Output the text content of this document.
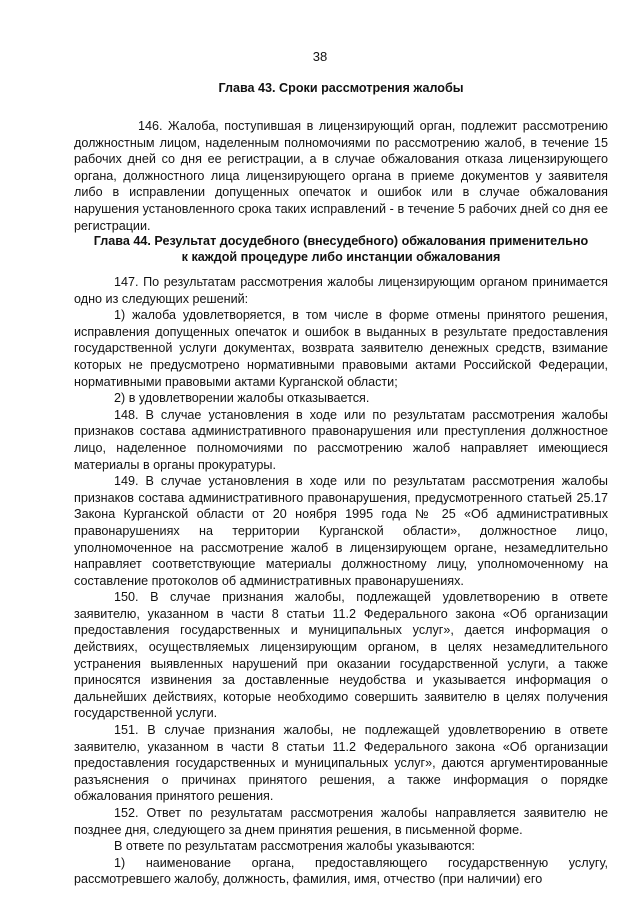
38
Глава 43. Сроки рассмотрения жалобы

146. Жалоба, поступившая в лицензирующий орган, подлежит рассмотрению должностным лицом, наделенным полномочиями по рассмотрению жалоб, в течение 15 рабочих дней со дня ее регистрации, а в случае обжалования отказа лицензирующего органа, должностного лица лицензирующего органа в приеме документов у заявителя либо в исправлении допущенных опечаток и ошибок или в случае обжалования нарушения установленного срока таких исправлений - в течение 5 рабочих дней со дня ее регистрации.

Глава 44. Результат досудебного (внесудебного) обжалования применительно
к каждой процедуре либо инстанции обжалования

147. По результатам рассмотрения жалобы лицензирующим органом принимается одно из следующих решений:

1) жалоба удовлетворяется, в том числе в форме отмены принятого решения, исправления допущенных опечаток и ошибок в выданных в результате предоставления государственной услуги документах, возврата заявителю денежных средств, взимание которых не предусмотрено нормативными правовыми актами Российской Федерации, нормативными правовыми актами Курганской области;

2) в удовлетворении жалобы отказывается.

148. В случае установления в ходе или по результатам рассмотрения жалобы признаков состава административного правонарушения или преступления должностное лицо, наделенное полномочиями по рассмотрению жалоб направляет имеющиеся материалы в органы прокуратуры.

149. В случае установления в ходе или по результатам рассмотрения жалобы признаков состава административного правонарушения, предусмотренного статьей 25.17 Закона Курганской области от 20 ноября 1995 года № 25 «Об административных правонарушениях на территории Курганской области», должностное лицо, уполномоченное на рассмотрение жалоб в лицензирующем органе, незамедлительно направляет соответствующие материалы должностному лицу, уполномоченному на составление протоколов об административных правонарушениях.

150. В случае признания жалобы, подлежащей удовлетворению в ответе заявителю, указанном в части 8 статьи 11.2 Федерального закона «Об организации предоставления государственных и муниципальных услуг», дается информация о действиях, осуществляемых лицензирующим органом, в целях незамедлительного устранения выявленных нарушений при оказании государственной услуги, а также приносятся извинения за доставленные неудобства и указывается информация о дальнейших действиях, которые необходимо совершить заявителю в целях получения государственной услуги.

151. В случае признания жалобы, не подлежащей удовлетворению в ответе заявителю, указанном в части 8 статьи 11.2 Федерального закона «Об организации предоставления государственных и муниципальных услуг», даются аргументированные разъяснения о причинах принятого решения, а также информация о порядке обжалования принятого решения.

152. Ответ по результатам рассмотрения жалобы направляется заявителю не позднее дня, следующего за днем принятия решения, в письменной форме.

В ответе по результатам рассмотрения жалобы указываются:

1) наименование органа, предоставляющего государственную услугу, рассмотревшего жалобу, должность, фамилия, имя, отчество (при наличии) его
